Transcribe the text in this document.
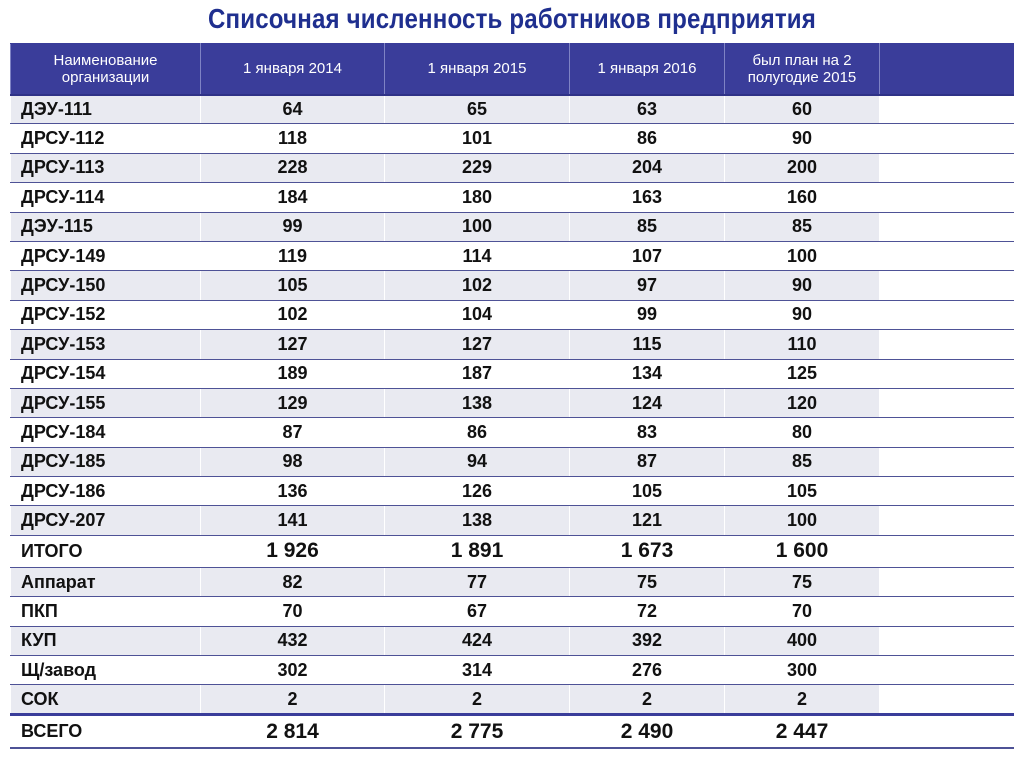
Списочная численность работников предприятия
Наименование организации	1 января 2014	1 января 2015	1 января 2016	был план на 2 полугодие 2015	
ДЭУ-111	64	65	63	60	
ДРСУ-112	118	101	86	90	
ДРСУ-113	228	229	204	200	
ДРСУ-114	184	180	163	160	
ДЭУ-115	99	100	85	85	
ДРСУ-149	119	114	107	100	
ДРСУ-150	105	102	97	90	
ДРСУ-152	102	104	99	90	
ДРСУ-153	127	127	115	110	
ДРСУ-154	189	187	134	125	
ДРСУ-155	129	138	124	120	
ДРСУ-184	87	86	83	80	
ДРСУ-185	98	94	87	85	
ДРСУ-186	136	126	105	105	
ДРСУ-207	141	138	121	100	
ИТОГО	1 926	1 891	1 673	1 600	
Аппарат	82	77	75	75	
ПКП	70	67	72	70	
КУП	432	424	392	400	
Щ/завод	302	314	276	300	
СОК	2	2	2	2	
ВСЕГО	2 814	2 775	2 490	2 447	
